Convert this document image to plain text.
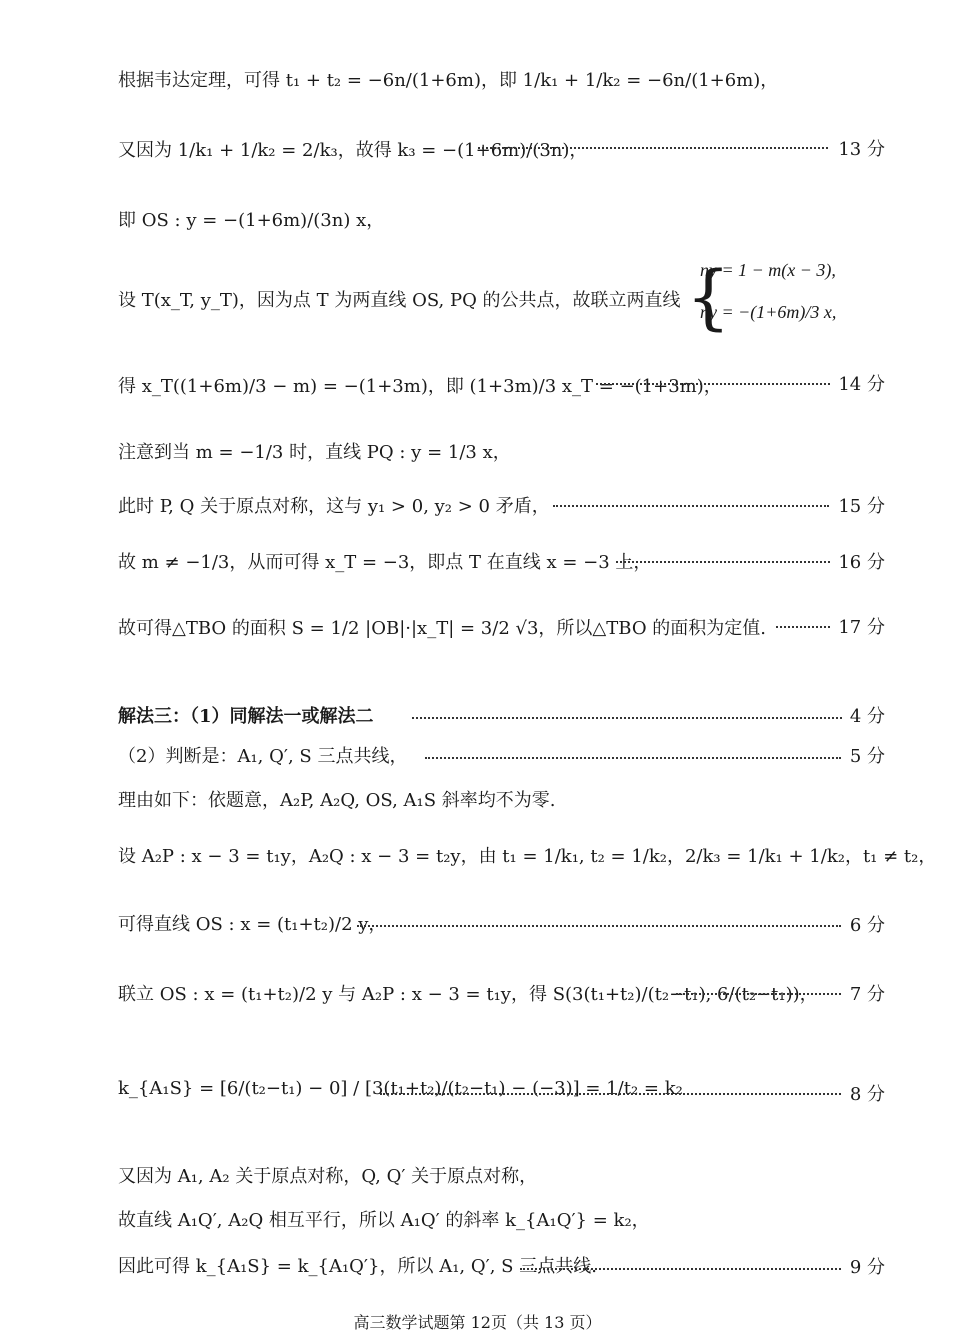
根据韦达定理，可得 t₁ + t₂ = −6n/(1+6m)，即 1/k₁ + 1/k₂ = −6n/(1+6m)，
又因为 1/k₁ + 1/k₂ = 2/k₃，故得 k₃ = −(1+6m)/(3n)，	13 分
即 OS : y = −(1+6m)/(3n) x，
设 T(x_T, y_T)，因为点 T 为两直线 OS, PQ 的公共点，故联立两直线 {
ny = 1 − m(x − 3),
ny = −(1+6m)/3 x,
得 x_T((1+6m)/3 − m) = −(1+3m)，即 (1+3m)/3 x_T = −(1+3m)，	14 分
注意到当 m = −1/3 时，直线 PQ : y = 1/3 x，
此时 P, Q 关于原点对称，这与 y₁ > 0, y₂ > 0 矛盾，	15 分
故 m ≠ −1/3，从而可得 x_T = −3，即点 T 在直线 x = −3 上，	16 分
故可得△TBO 的面积 S = 1/2 |OB|·|x_T| = 3/2 √3，所以△TBO 的面积为定值.	17 分
解法三：（1）同解法一或解法二	4 分
（2）判断是：A₁, Q′, S 三点共线，	5 分
理由如下：依题意，A₂P, A₂Q, OS, A₁S 斜率均不为零.
设 A₂P : x − 3 = t₁y，A₂Q : x − 3 = t₂y，由 t₁ = 1/k₁, t₂ = 1/k₂，2/k₃ = 1/k₁ + 1/k₂，t₁ ≠ t₂，
可得直线 OS : x = (t₁+t₂)/2 y，	6 分
联立 OS : x = (t₁+t₂)/2 y 与 A₂P : x − 3 = t₁y，得 S(3(t₁+t₂)/(t₂−t₁), 6/(t₂−t₁))， 7 分
k_{A₁S} = [6/(t₂−t₁) − 0] / [3(t₁+t₂)/(t₂−t₁) − (−3)] = 1/t₂ = k₂	8 分
又因为 A₁, A₂ 关于原点对称，Q, Q′ 关于原点对称，
故直线 A₁Q′, A₂Q 相互平行，所以 A₁Q′ 的斜率 k_{A₁Q′} = k₂，
因此可得 k_{A₁S} = k_{A₁Q′}，所以 A₁, Q′, S 三点共线.	9 分
高三数学试题第 12页（共 13 页）
